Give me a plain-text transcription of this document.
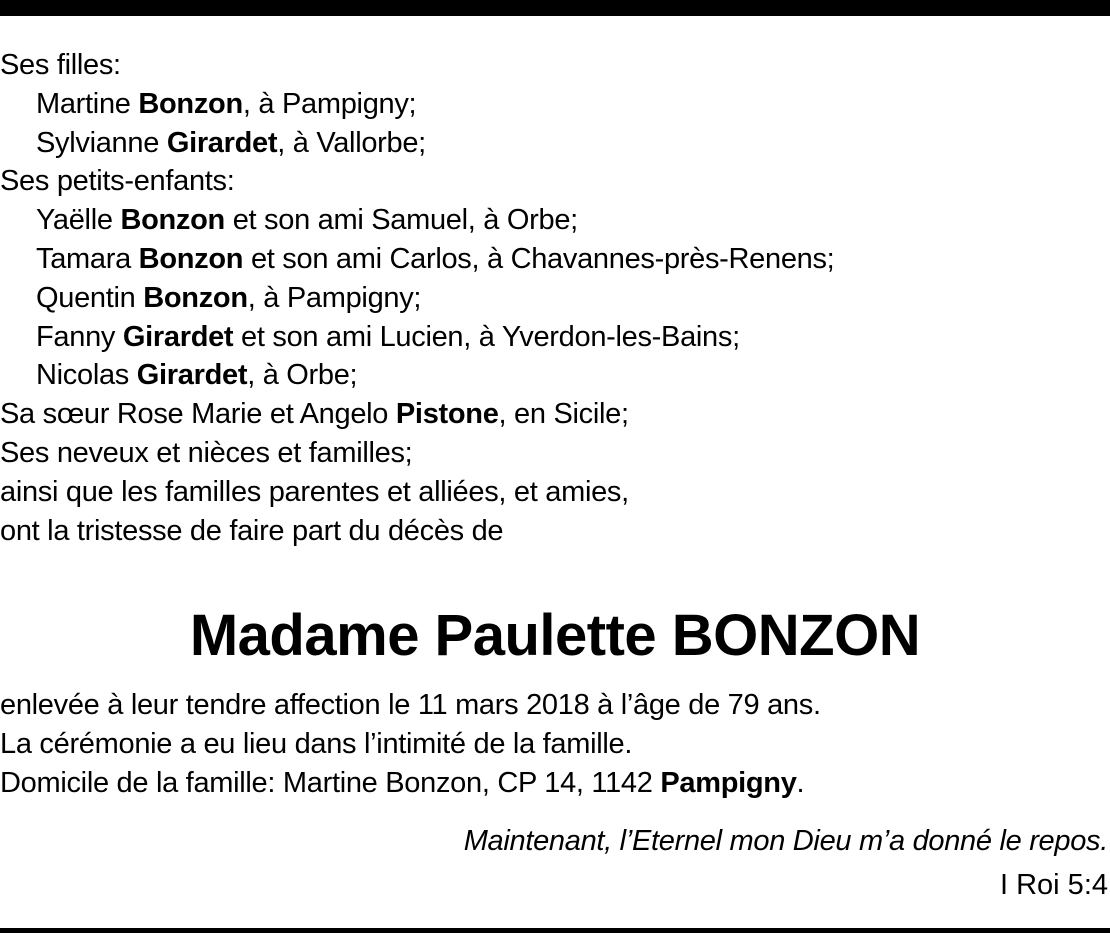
Ses filles:
Martine Bonzon, à Pampigny;
Sylvianne Girardet, à Vallorbe;
Ses petits-enfants:
Yaëlle Bonzon et son ami Samuel, à Orbe;
Tamara Bonzon et son ami Carlos, à Chavannes-près-Renens;
Quentin Bonzon, à Pampigny;
Fanny Girardet et son ami Lucien, à Yverdon-les-Bains;
Nicolas Girardet, à Orbe;
Sa sœur Rose Marie et Angelo Pistone, en Sicile;
Ses neveux et nièces et familles;
ainsi que les familles parentes et alliées, et amies,
ont la tristesse de faire part du décès de
Madame Paulette BONZON
enlevée à leur tendre affection le 11 mars 2018 à l’âge de 79 ans.
La cérémonie a eu lieu dans l’intimité de la famille.
Domicile de la famille: Martine Bonzon, CP 14, 1142 Pampigny.
Maintenant, l’Eternel mon Dieu m’a donné le repos.
I Roi 5:4
